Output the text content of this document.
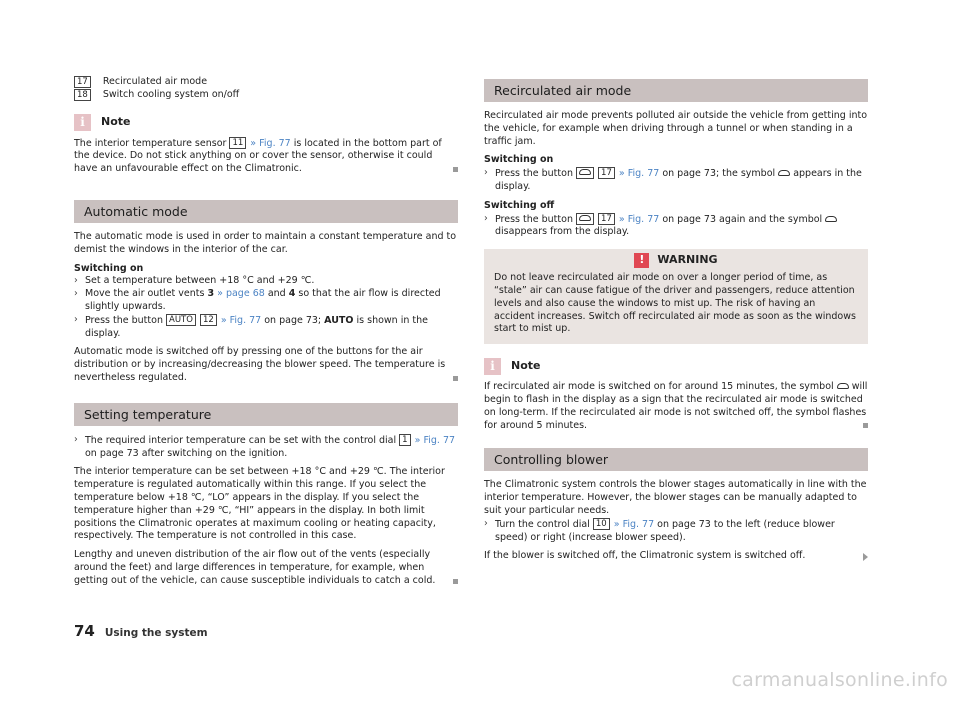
17	Recirculated air mode
18	Switch cooling system on/off
i	Note

The interior temperature sensor 11 » Fig. 77 is located in the bottom part of the device. Do not stick anything on or cover the sensor, otherwise it could have an unfavourable effect on the Climatronic.

Automatic mode

The automatic mode is used in order to maintain a constant temperature and to demist the windows in the interior of the car.

Switching on

› Set a temperature between +18 °C and +29 ℃.
› Move the air outlet vents 3 » page 68 and 4 so that the air flow is directed slightly upwards.
› Press the button AUTO 12 » Fig. 77 on page 73; AUTO is shown in the display.

Automatic mode is switched off by pressing one of the buttons for the air distribution or by increasing/decreasing the blower speed. The temperature is nevertheless regulated.

Setting temperature
› The required interior temperature can be set with the control dial 1 » Fig. 77 on page 73 after switching on the ignition.

The interior temperature can be set between +18 °C and +29 ℃. The interior temperature is regulated automatically within this range. If you select the temperature below +18 ℃, “LO” appears in the display. If you select the temperature higher than +29 ℃, “HI” appears in the display. In both limit positions the Climatronic operates at maximum cooling or heating capacity, respectively. The temperature is not controlled in this case.

Lengthy and uneven distribution of the air flow out of the vents (especially around the feet) and large differences in temperature, for example, when getting out of the vehicle, can cause susceptible individuals to catch a cold.

Recirculated air mode

Recirculated air mode prevents polluted air outside the vehicle from getting into the vehicle, for example when driving through a tunnel or when standing in a traffic jam.

Switching on

› Press the button	17 » Fig. 77 on page 73; the symbol  appears in the display.

Switching off

› Press the button	17 » Fig. 77 on page 73 again and the symbol  disappears from the display.
!	WARNING
Do not leave recirculated air mode on over a longer period of time, as “stale” air can cause fatigue of the driver and passengers, reduce attention levels and also cause the windows to mist up. The risk of having an accident increases. Switch off recirculated air mode as soon as the windows start to mist up.
i	Note

If recirculated air mode is switched on for around 15 minutes, the symbol  will begin to flash in the display as a sign that the recirculated air mode is switched on long-term. If the recirculated air mode is not switched off, the symbol flashes for around 5 minutes.

Controlling blower

The Climatronic system controls the blower stages automatically in line with the interior temperature. However, the blower stages can be manually adapted to suit your particular needs.

› Turn the control dial 10 » Fig. 77 on page 73 to the left (reduce blower speed) or right (increase blower speed).

If the blower is switched off, the Climatronic system is switched off.

74 Using the system
carmanualsonline.info
